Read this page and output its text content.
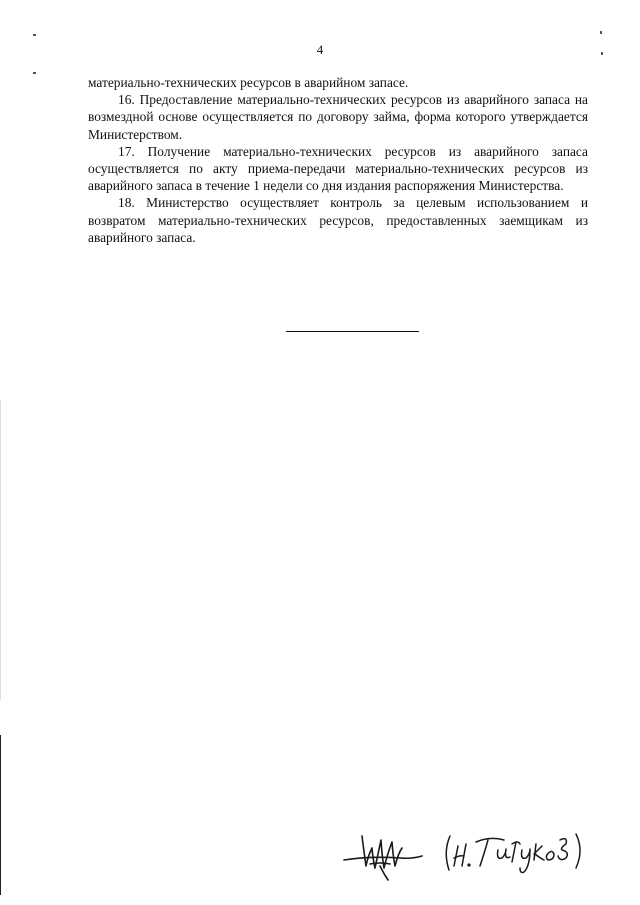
4

материально-технических ресурсов в аварийном запасе.

16. Предоставление материально-технических ресурсов из аварийного запаса на возмездной основе осуществляется по договору займа, форма которого утверждается Министерством.

17. Получение материально-технических ресурсов из аварийного запаса осуществляется по акту приема-передачи материально-технических ресурсов из аварийного запаса в течение 1 недели со дня издания распоряжения Министерства.

18. Министерство осуществляет контроль за целевым использованием и возвратом материально-технических ресурсов, предоставленных заемщикам из аварийного запаса.
